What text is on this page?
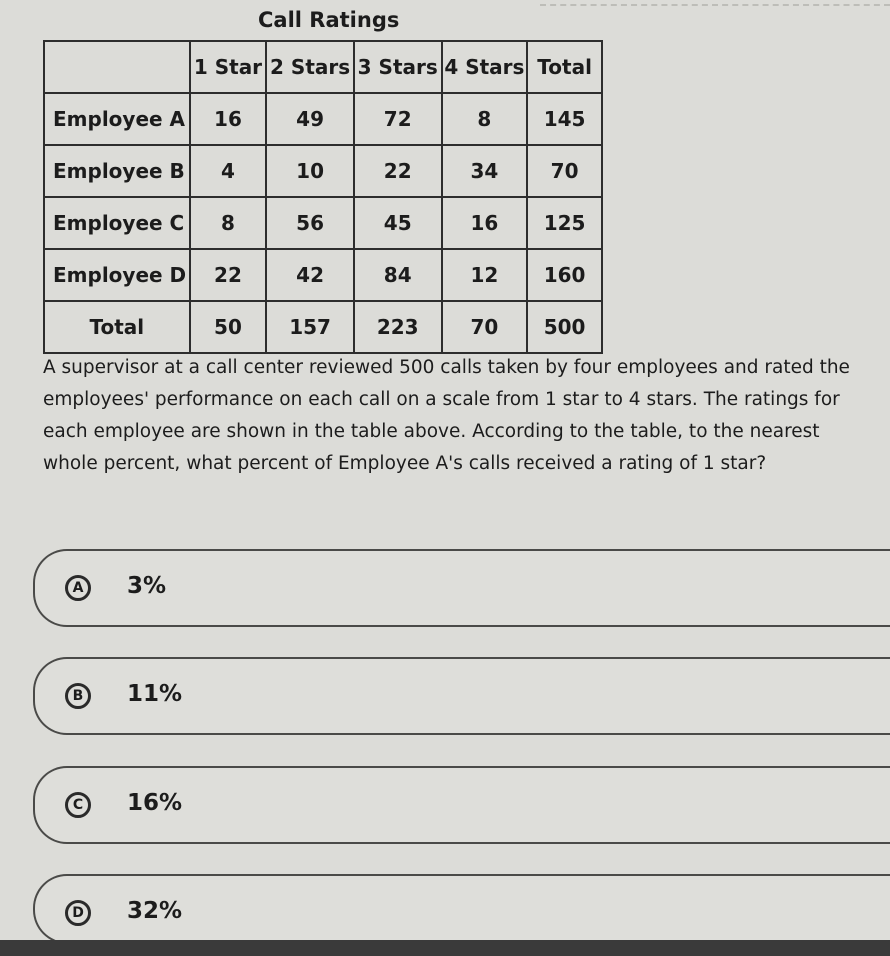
Call Ratings
	1 Star	2 Stars	3 Stars	4 Stars	Total
Employee A	16	49	72	8	145
Employee B	4	10	22	34	70
Employee C	8	56	45	16	125
Employee D	22	42	84	12	160
Total	50	157	223	70	500
A supervisor at a call center reviewed 500 calls taken by four employees and rated the employees' performance on each call on a scale from 1 star to 4 stars. The ratings for each employee are shown in the table above. According to the table, to the nearest whole percent, what percent of Employee A's calls received a rating of 1 star?
A	3%
B	11%
C	16%
D	32%
